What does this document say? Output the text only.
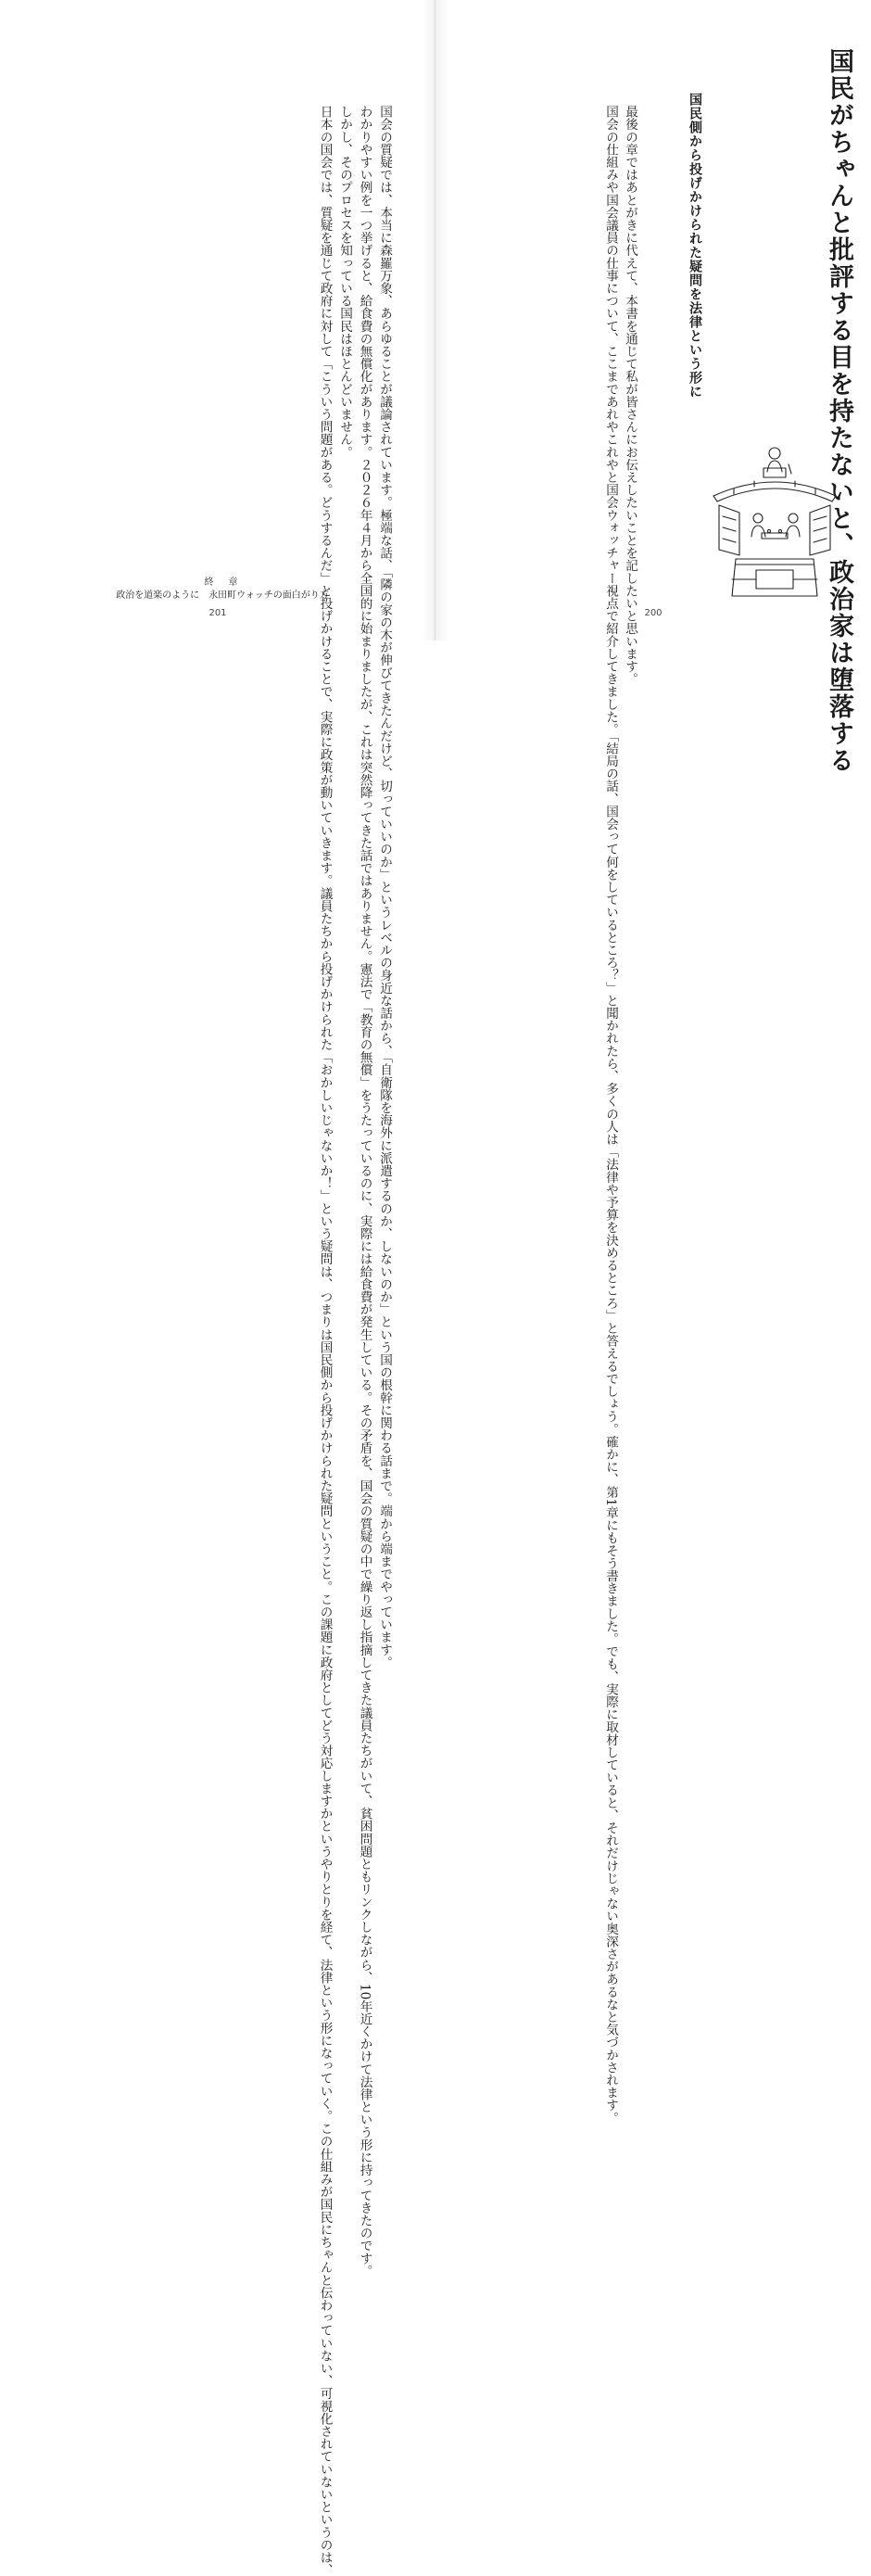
国民がちゃんと批評する目を持たないと、政治家は堕落する
国民側から投げかけられた疑問を法律という形に
　最後の章ではあとがきに代えて、本書を通じて私が皆さんにお伝えしたいことを記したいと思います。
　国会の仕組みや国会議員の仕事について、ここまであれやこれやと国会ウォッチャー視点で紹介してきました。「結局の話、国会って何をしているところ？」と聞かれたら、多くの人は「法律や予算を決めるところ」と答えるでしょう。確かに、第1章にもそう書きました。でも、実際に取材していると、それだけじゃない奥深さがあるなと気づかされます。	200
　国会の質疑では、本当に森羅万象、あらゆることが議論されています。極端な話、「隣の家の木が伸びてきたんだけど、切っていいのか」というレベルの身近な話から、「自衛隊を海外に派遣するのか、しないのか」という国の根幹に関わる話まで。端から端までやっています。
　わかりやすい例を一つ挙げると、給食費の無償化があります。２０２６年４月から全国的に始まりましたが、これは突然降ってきた話ではありません。憲法で「教育の無償」をうたっているのに、実際には給食費が発生している。その矛盾を、国会の質疑の中で繰り返し指摘してきた議員たちがいて、貧困問題ともリンクしながら、10年近くかけて法律という形に持ってきたのです。
　しかし、そのプロセスを知っている国民はほとんどいません。
　日本の国会では、質疑を通じて政府に対して「こういう問題がある。どうするんだ」と投げかけることで、実際に政策が動いていきます。議員たちから投げかけられた「おかしいじゃないか！」という疑問は、つまりは国民側から投げかけられた疑問ということ。この課題に政府としてどう対応しますかというやりとりを経て、法律という形になっていく。この仕組みが国民にちゃんと伝わっていない、可視化されていないというのは、
終　章
政治を道楽のように　永田町ウォッチの面白がり方
201
